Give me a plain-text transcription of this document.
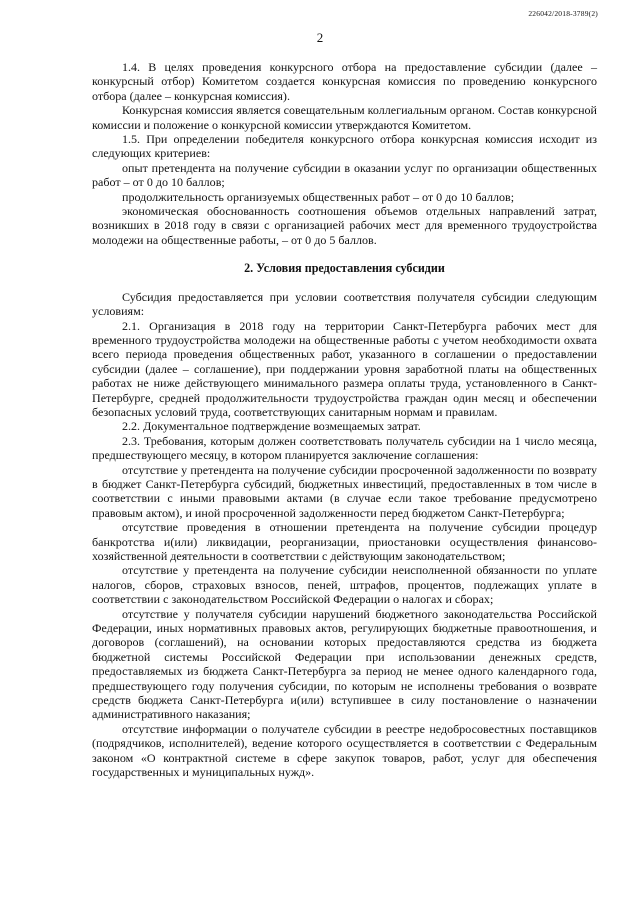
226042/2018-3789(2)
2

1.4. В целях проведения конкурсного отбора на предоставление субсидии (далее – конкурсный отбор) Комитетом создается конкурсная комиссия по проведению конкурсного отбора (далее – конкурсная комиссия).

Конкурсная комиссия является совещательным коллегиальным органом. Состав конкурсной комиссии и положение о конкурсной комиссии утверждаются Комитетом.

1.5. При определении победителя конкурсного отбора конкурсная комиссия исходит из следующих критериев:

опыт претендента на получение субсидии в оказании услуг по организации общественных работ – от 0 до 10 баллов;

продолжительность организуемых общественных работ – от 0 до 10 баллов;

экономическая обоснованность соотношения объемов отдельных направлений затрат, возникших в 2018 году в связи с организацией рабочих мест для временного трудоустройства молодежи на общественные работы, – от 0 до 5 баллов.

2. Условия предоставления субсидии

Субсидия предоставляется при условии соответствия получателя субсидии следующим условиям:

2.1. Организация в 2018 году на территории Санкт-Петербурга рабочих мест для временного трудоустройства молодежи на общественные работы с учетом необходимости охвата всего периода проведения общественных работ, указанного в соглашении о предоставлении субсидии (далее – соглашение), при поддержании уровня заработной платы на общественных работах не ниже действующего минимального размера оплаты труда, установленного в Санкт-Петербурге, средней продолжительности трудоустройства граждан один месяц и обеспечении безопасных условий труда, соответствующих санитарным нормам и правилам.

2.2. Документальное подтверждение возмещаемых затрат.

2.3. Требования, которым должен соответствовать получатель субсидии на 1 число месяца, предшествующего месяцу, в котором планируется заключение соглашения:

отсутствие у претендента на получение субсидии просроченной задолженности по возврату в бюджет Санкт-Петербурга субсидий, бюджетных инвестиций, предоставленных в том числе в соответствии с иными правовыми актами (в случае если такое требование предусмотрено правовым актом), и иной просроченной задолженности перед бюджетом Санкт-Петербурга;

отсутствие проведения в отношении претендента на получение субсидии процедур банкротства и(или) ликвидации, реорганизации, приостановки осуществления финансово-хозяйственной деятельности в соответствии с действующим законодательством;

отсутствие у претендента на получение субсидии неисполненной обязанности по уплате налогов, сборов, страховых взносов, пеней, штрафов, процентов, подлежащих уплате в соответствии с законодательством Российской Федерации о налогах и сборах;

отсутствие у получателя субсидии нарушений бюджетного законодательства Российской Федерации, иных нормативных правовых актов, регулирующих бюджетные правоотношения, и договоров (соглашений), на основании которых предоставляются средства из бюджета бюджетной системы Российской Федерации при использовании денежных средств, предоставляемых из бюджета Санкт-Петербурга за период не менее одного календарного года, предшествующего году получения субсидии, по которым не исполнены требования о возврате средств бюджета Санкт-Петербурга и(или) вступившее в силу постановление о назначении административного наказания;

отсутствие информации о получателе субсидии в реестре недобросовестных поставщиков (подрядчиков, исполнителей), ведение которого осуществляется в соответствии с Федеральным законом «О контрактной системе в сфере закупок товаров, работ, услуг для обеспечения государственных и муниципальных нужд».
